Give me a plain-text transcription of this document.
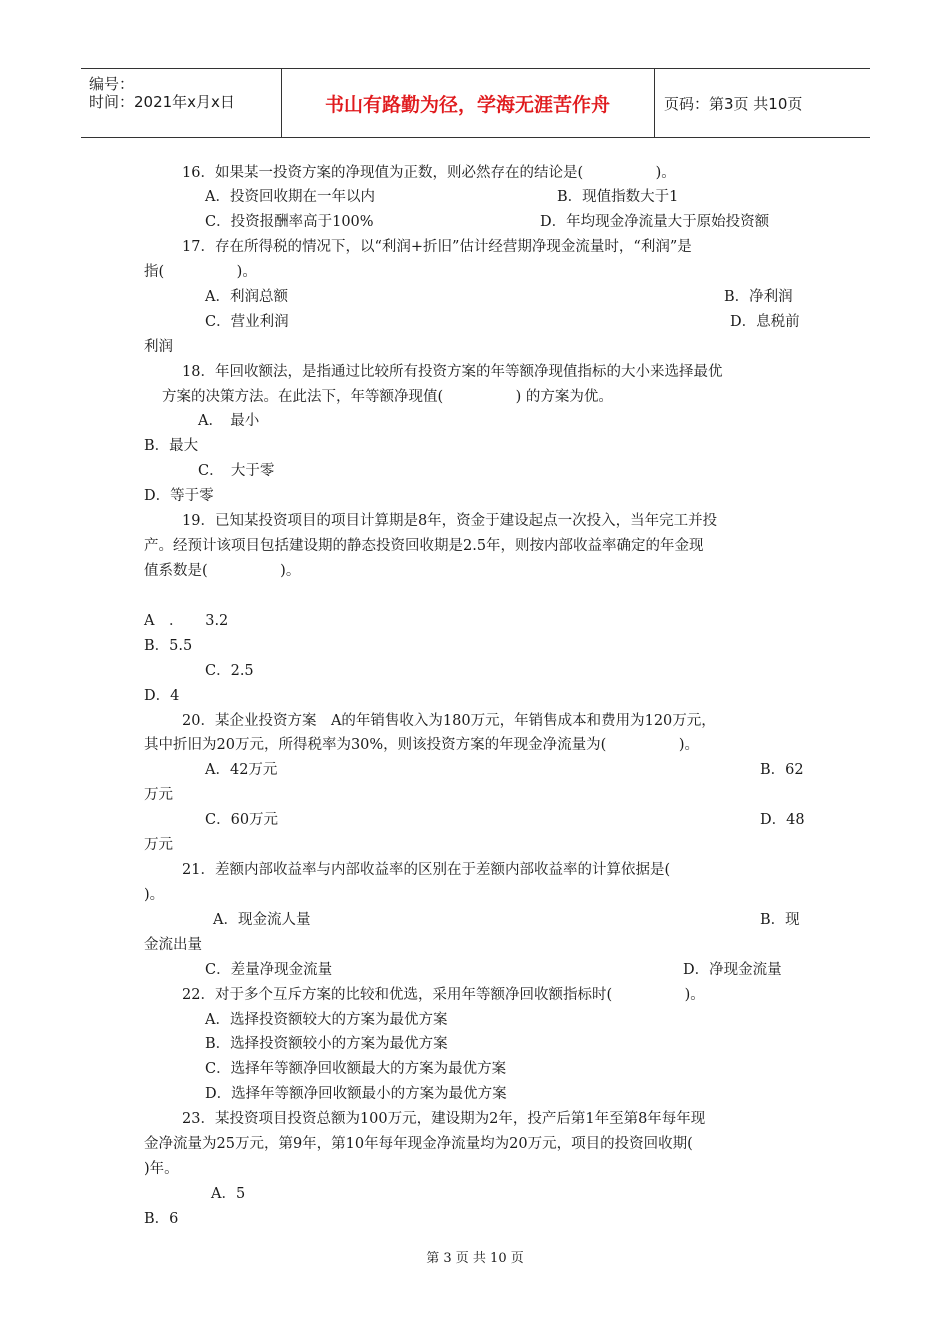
编号：
时间：2021年x月x日	书山有路勤为径，学海无涯苦作舟	页码：第3页 共10页
16．如果某一投资方案的净现值为正数，则必然存在的结论是(　　　　　)。
A．投资回收期在一年以内	B．现值指数大于1
C．投资报酬率高于100%	D．年均现金净流量大于原始投资额
17．存在所得税的情况下，以“利润+折旧”估计经营期净现金流量时，“利润”是
指(　　　　　)。
A．利润总额	B．净利润
C．营业利润	D．息税前
利润
18．年回收额法，是指通过比较所有投资方案的年等额净现值指标的大小来选择最优
方案的决策方法。在此法下，年等额净现值(　　　　　) 的方案为优。
A．　最小
B．最大
C．　大于零
D．等于零
19．已知某投资项目的项目计算期是8年，资金于建设起点一次投入，当年完工并投
产。经预计该项目包括建设期的静态投资回收期是2.5年，则按内部收益率确定的年金现
值系数是(　　　　　)。
A　．　　3.2
B．5.5
C．2.5
D．4
20．某企业投资方案　A的年销售收入为180万元，年销售成本和费用为120万元，
其中折旧为20万元，所得税率为30%，则该投资方案的年现金净流量为(　　　　　)。
A．42万元	B．62
万元
C．60万元	D．48
万元
21．差额内部收益率与内部收益率的区别在于差额内部收益率的计算依据是(
)。
A．现金流人量	B．现
金流出量
C．差量净现金流量	D．净现金流量
22．对于多个互斥方案的比较和优选，采用年等额净回收额指标时(　　　　　)。
A．选择投资额较大的方案为最优方案
B．选择投资额较小的方案为最优方案
C．选择年等额净回收额最大的方案为最优方案
D．选择年等额净回收额最小的方案为最优方案
23．某投资项目投资总额为100万元，建设期为2年，投产后第1年至第8年每年现
金净流量为25万元，第9年，第10年每年现金净流量均为20万元，项目的投资回收期(
)年。
A．5
B．6
第 3 页 共 10 页
